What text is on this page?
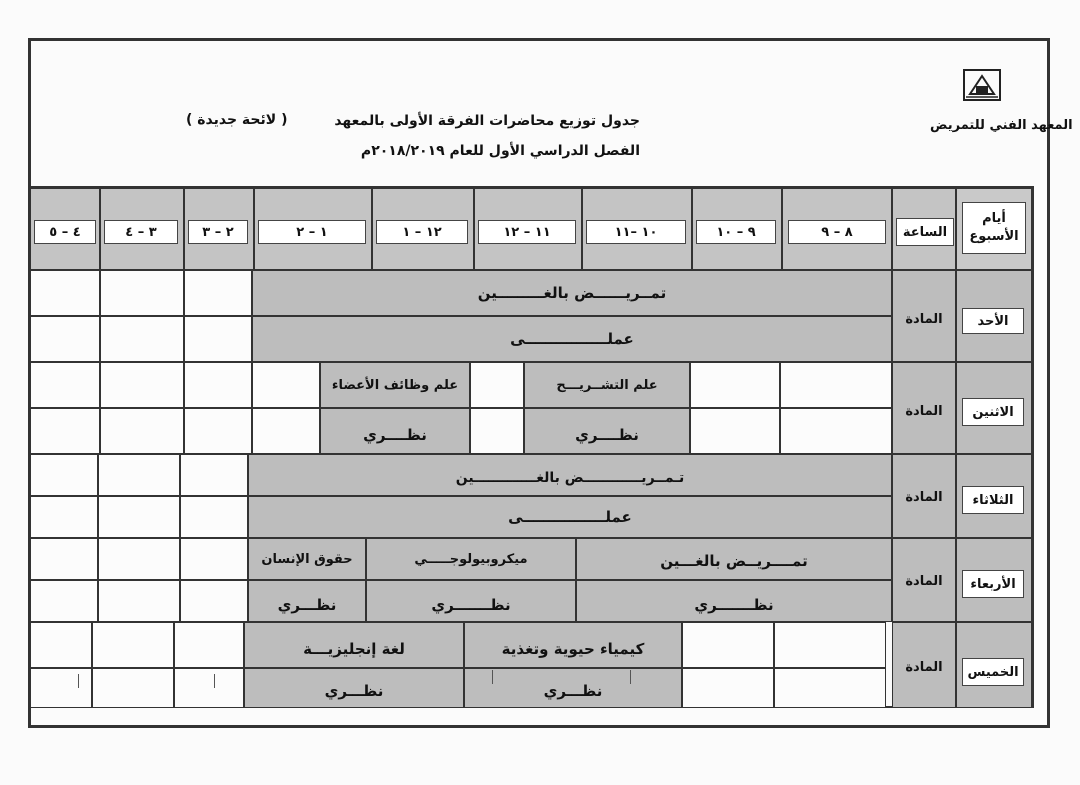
المعهد الفني للتمريض
جدول توزيع محاضرات الفرقة الأولى بالمعهد
الفصل الدراسي الأول للعام ٢٠١٨/٢٠١٩م
( لائحة جديدة )
أيام الأسبوع
الساعة
٨ – ٩
٩ – ١٠
١٠ –١١
١١ – ١٢
١٢ – ١
١ – ٢
٢ – ٣
٣ – ٤
٤ – ٥
الأحد
الاثنين
الثلاثاء
الأربعاء
الخميس
المادة
المادة
المادة
المادة
المادة
تمــريــــــض بالغـــــــــين
عملــــــــــــــــى
علم التشــريـــح
نظــــري
علم وظائف الأعضاء
نظــــري
تـمــريــــــــــــض بالغـــــــــــــين
عملــــــــــــــــى
تمــــريــض بالغـــين
نظـــــــري
ميكروبيولوجـــــي
نظـــــــري
حقوق الإنسان
نظـــري
كيمياء حيوية وتغذية
نظـــري
لغة إنجليزيـــة
نظـــري
